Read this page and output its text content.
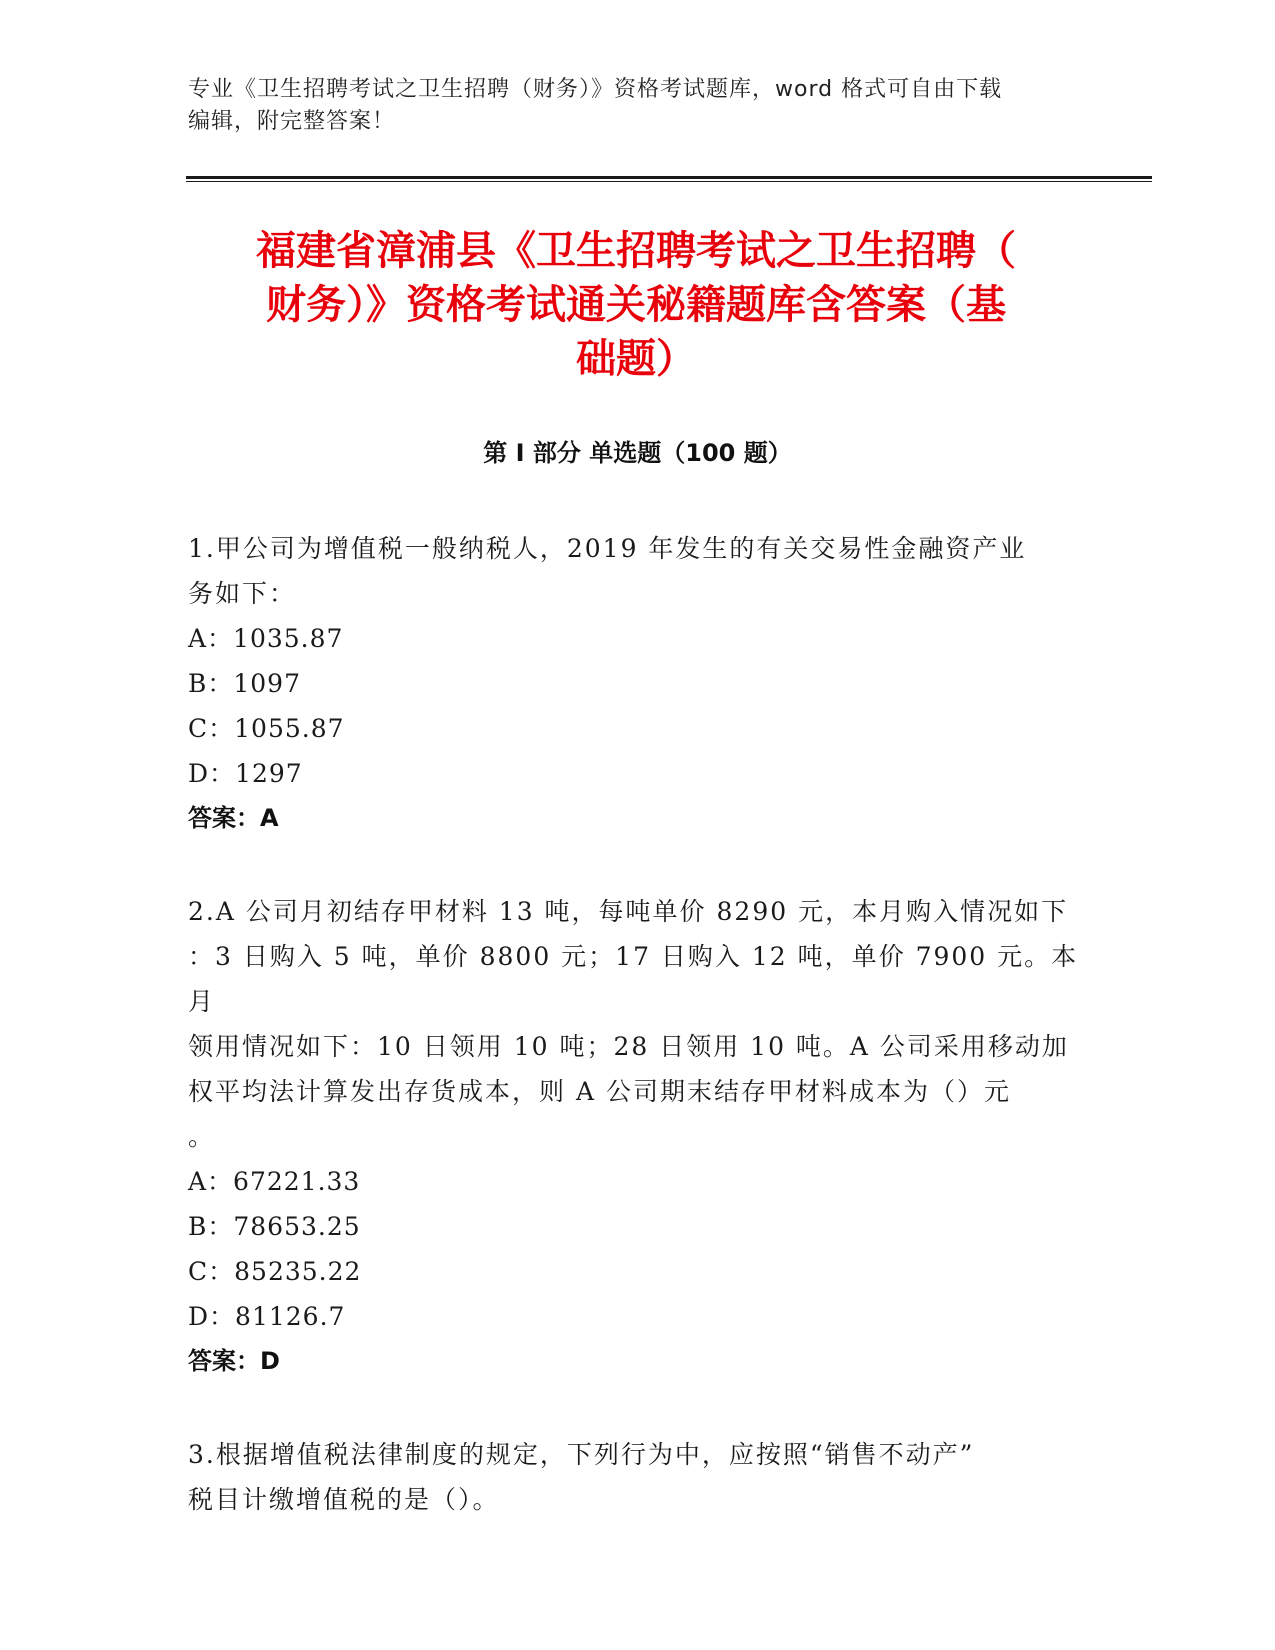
专业《卫生招聘考试之卫生招聘（财务）》资格考试题库，word 格式可自由下载
编辑，附完整答案！
福建省漳浦县《卫生招聘考试之卫生招聘（
财务）》资格考试通关秘籍题库含答案（基
础题）
第 I 部分 单选题（100 题）

1.甲公司为增值税一般纳税人，2019 年发生的有关交易性金融资产业

务如下：

A：1035.87

B：1097

C：1055.87

D：1297

答案：A

2.A 公司月初结存甲材料 13 吨，每吨单价 8290 元，本月购入情况如下

：3 日购入 5 吨，单价 8800 元；17 日购入 12 吨，单价 7900 元。本月

领用情况如下：10 日领用 10 吨；28 日领用 10 吨。A 公司采用移动加

权平均法计算发出存货成本，则 A 公司期末结存甲材料成本为（）元

。

A：67221.33

B：78653.25

C：85235.22

D：81126.7

答案：D

3.根据增值税法律制度的规定，下列行为中，应按照“销售不动产”

税目计缴增值税的是（）。
